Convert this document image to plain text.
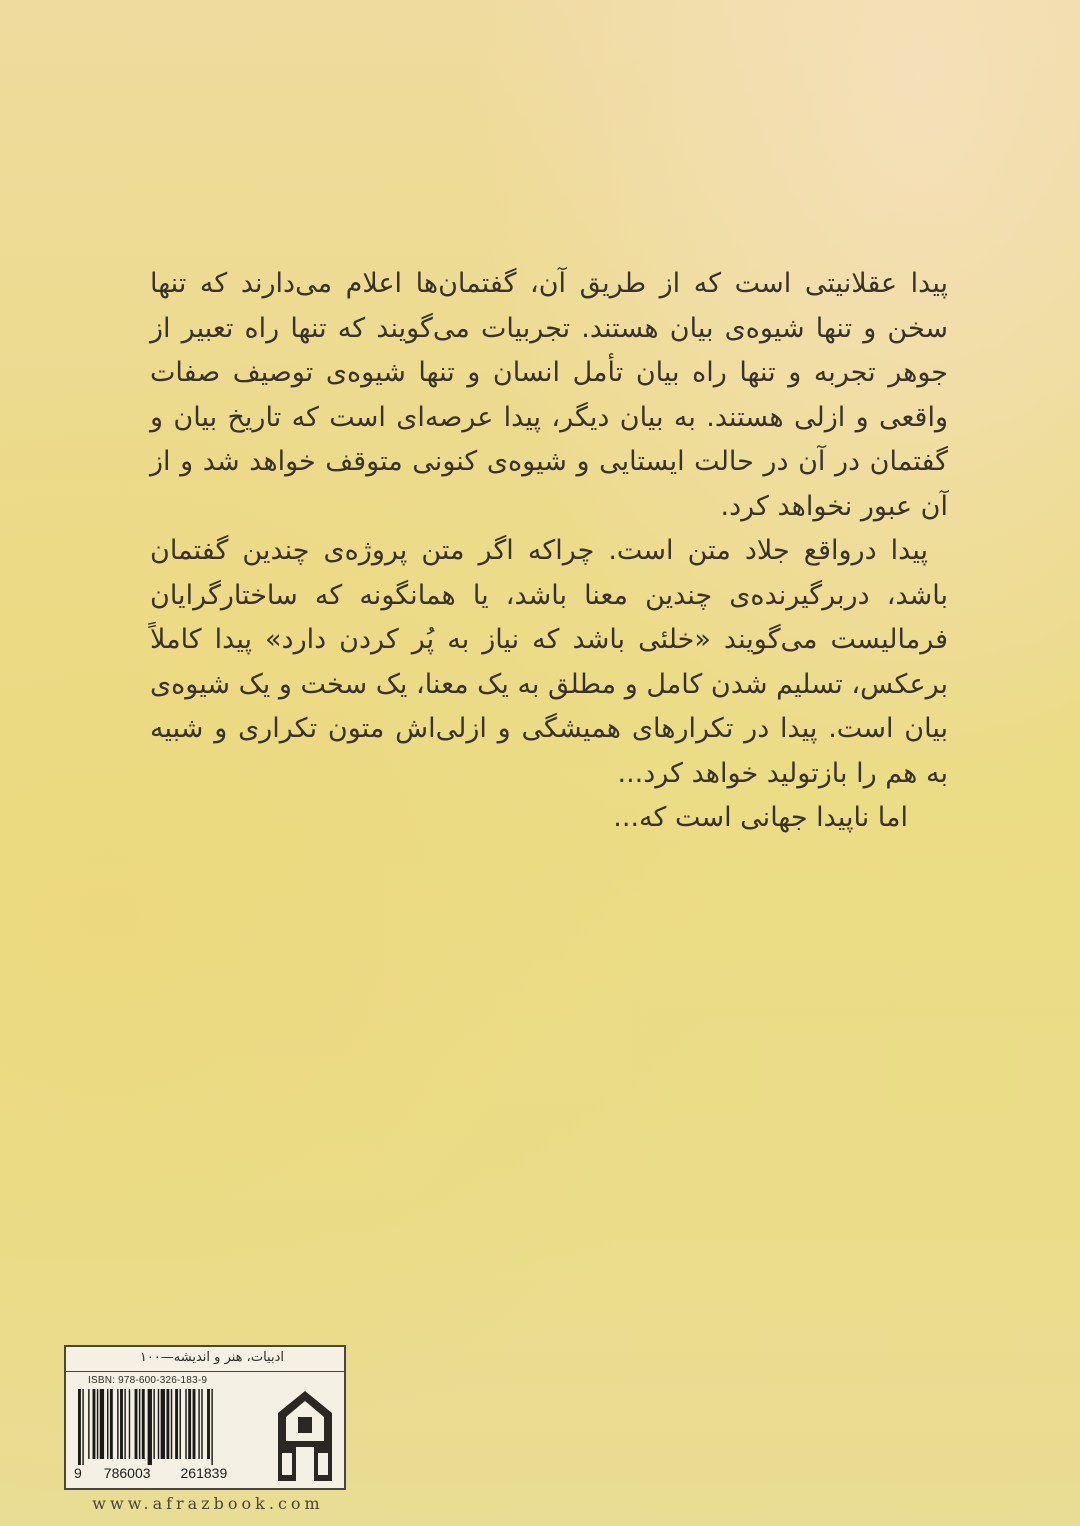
پیدا عقلانیتی است که از طریق آن، گفتمان‌ها اعلام می‌دارند که تنها سخن و تنها شیوه‌ی بیان هستند. تجربیات می‌گویند که تنها راه تعبیر از جوهر تجربه و تنها راه بیان تأمل انسان و تنها شیوه‌ی توصیف صفات واقعی و ازلی هستند. به بیان دیگر، پیدا عرصه‌ای است که تاریخ بیان و گفتمان در آن در حالت ایستایی و شیوه‌ی کنونی متوقف خواهد شد و از آن عبور نخواهد کرد.

پیدا درواقع جلاد متن است. چراکه اگر متن پروژه‌ی چندین گفتمان باشد، دربرگیرنده‌ی چندین معنا باشد، یا همانگونه که ساختارگرایان فرمالیست می‌گویند «خلئی باشد که نیاز به پُر کردن دارد» پیدا کاملاً برعکس، تسلیم شدن کامل و مطلق به یک معنا، یک سخت و یک شیوه‌ی بیان است. پیدا در تکرارهای همیشگی و ازلی‌اش متون تکراری و شبیه به هم را بازتولید خواهد کرد...

اما ناپیدا جهانی است که...

ادبیات، هنر و اندیشه—۱۰۰
ISBN: 978-600-326-183-9
9 786003 261839
www.afrazbook.com
